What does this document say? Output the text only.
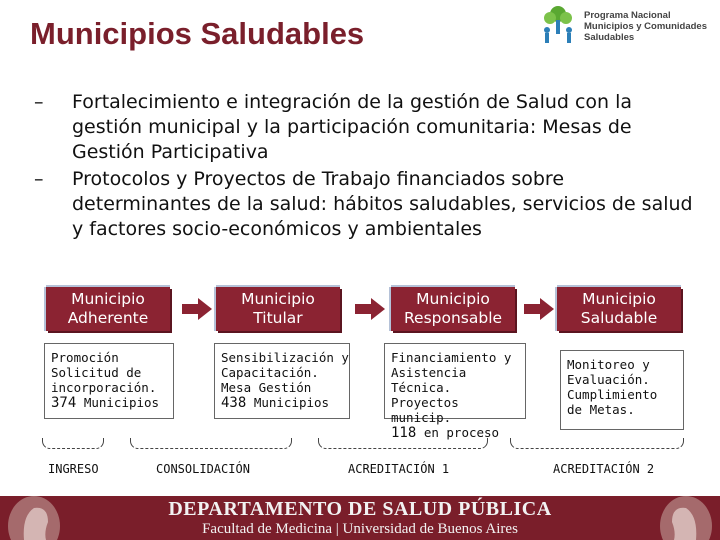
Municipios Saludables
Programa Nacional
Municipios y Comunidades
Saludables
– Fortalecimiento e integración de la gestión de Salud con la gestión municipal y la participación comunitaria: Mesas de Gestión Participativa
– Protocolos y Proyectos de Trabajo financiados sobre determinantes de la salud: hábitos saludables, servicios de salud y factores socio-económicos y ambientales
Municipio
Adherente
Municipio
Titular
Municipio
Responsable
Municipio
Saludable
Promoción
Solicitud de
incorporación.
374 Municipios
Sensibilización y
Capacitación.
Mesa Gestión
438 Municipios
Financiamiento y
Asistencia Técnica.
Proyectos municip.
118 en proceso
Monitoreo y
Evaluación.
Cumplimiento
de Metas.
INGRESO	CONSOLIDACIÓN	ACREDITACIÓN 1	ACREDITACIÓN 2
DEPARTAMENTO DE SALUD PÚBLICA
Facultad de Medicina | Universidad de Buenos Aires
